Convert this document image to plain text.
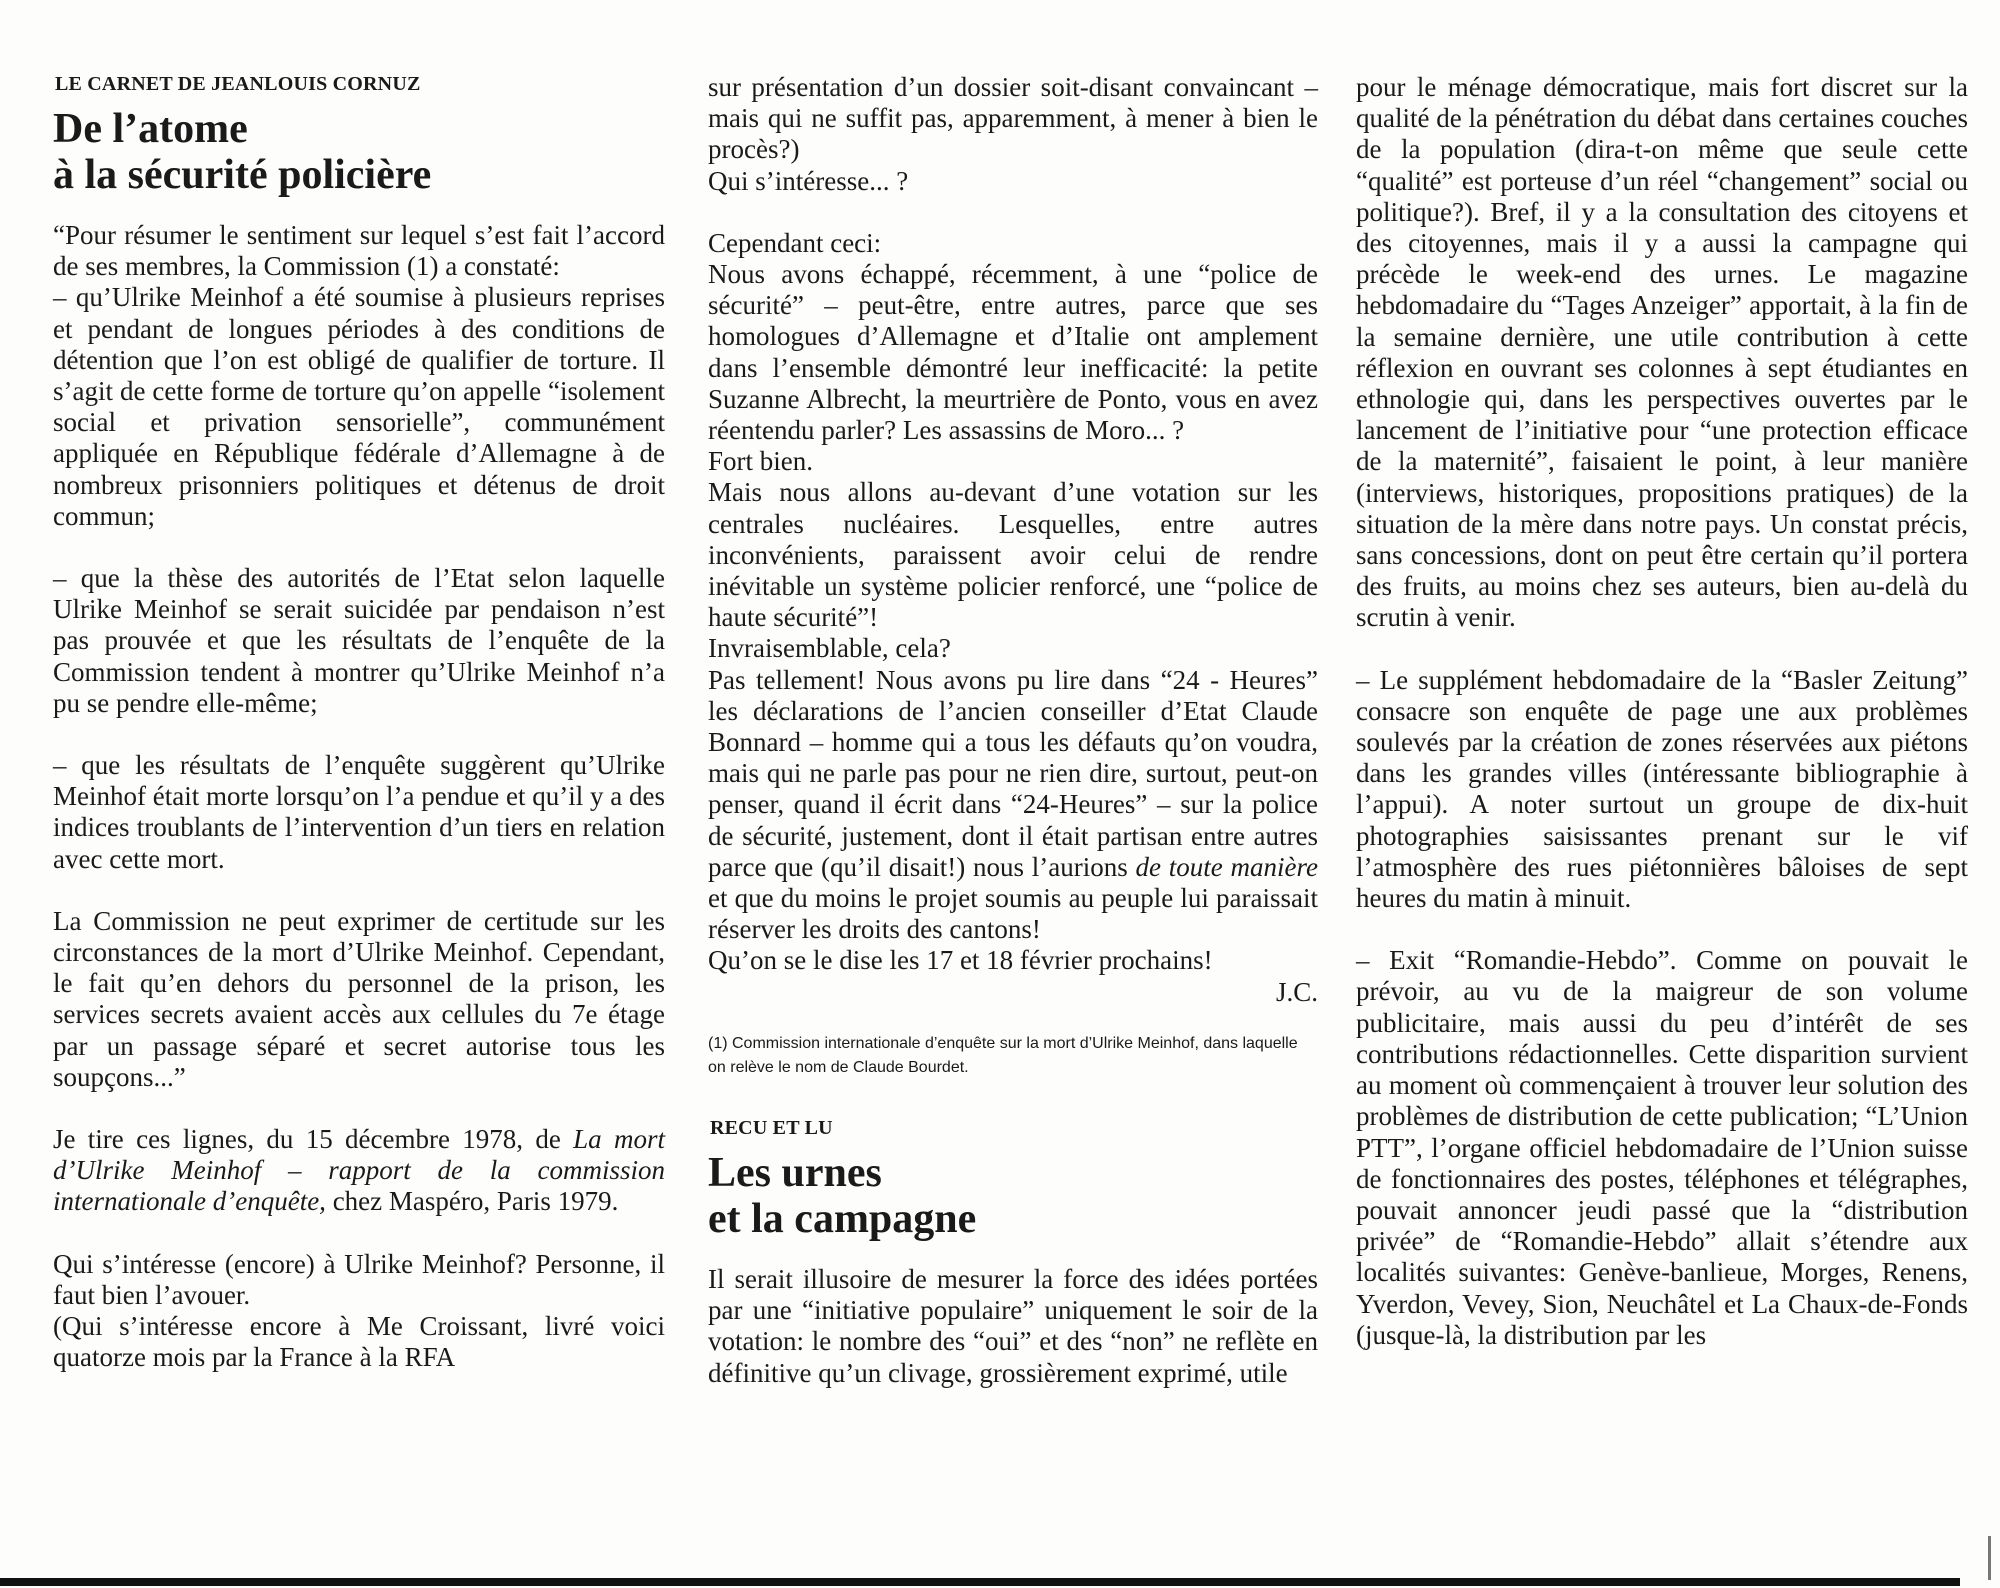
LE CARNET DE JEANLOUIS CORNUZ
De l’atome
à la sécurité policière

“Pour résumer le sentiment sur lequel s’est fait l’accord de ses membres, la Commission (1) a constaté:

– qu’Ulrike Meinhof a été soumise à plusieurs reprises et pendant de longues périodes à des conditions de détention que l’on est obligé de qualifier de torture. Il s’agit de cette forme de torture qu’on appelle “isolement social et privation sensorielle”, communément appliquée en République fédérale d’Allemagne à de nombreux prisonniers politiques et détenus de droit commun;

– que la thèse des autorités de l’Etat selon laquelle Ulrike Meinhof se serait suicidée par pendaison n’est pas prouvée et que les résultats de l’enquête de la Commission tendent à montrer qu’Ulrike Meinhof n’a pu se pendre elle-même;

– que les résultats de l’enquête suggèrent qu’Ulrike Meinhof était morte lorsqu’on l’a pendue et qu’il y a des indices troublants de l’intervention d’un tiers en relation avec cette mort.

La Commission ne peut exprimer de certitude sur les circonstances de la mort d’Ulrike Meinhof. Cependant, le fait qu’en dehors du personnel de la prison, les services secrets avaient accès aux cellules du 7e étage par un passage séparé et secret autorise tous les soupçons...”

Je tire ces lignes, du 15 décembre 1978, de La mort d’Ulrike Meinhof – rapport de la commission internationale d’enquête, chez Maspéro, Paris 1979.

Qui s’intéresse (encore) à Ulrike Meinhof? Personne, il faut bien l’avouer.

(Qui s’intéresse encore à Me Croissant, livré voici quatorze mois par la France à la RFA

sur présentation d’un dossier soit-disant convaincant – mais qui ne suffit pas, apparemment, à mener à bien le procès?)

Qui s’intéresse... ?

Cependant ceci:

Nous avons échappé, récemment, à une “police de sécurité” – peut-être, entre autres, parce que ses homologues d’Allemagne et d’Italie ont amplement dans l’ensemble démontré leur inefficacité: la petite Suzanne Albrecht, la meurtrière de Ponto, vous en avez réentendu parler? Les assassins de Moro... ?

Fort bien.

Mais nous allons au-devant d’une votation sur les centrales nucléaires. Lesquelles, entre autres inconvénients, paraissent avoir celui de rendre inévitable un système policier renforcé, une “police de haute sécurité”!

Invraisemblable, cela?

Pas tellement! Nous avons pu lire dans “24 - Heures” les déclarations de l’ancien conseiller d’Etat Claude Bonnard – homme qui a tous les défauts qu’on voudra, mais qui ne parle pas pour ne rien dire, surtout, peut-on penser, quand il écrit dans “24-Heures” – sur la police de sécurité, justement, dont il était partisan entre autres parce que (qu’il disait!) nous l’aurions de toute manière et que du moins le projet soumis au peuple lui paraissait réserver les droits des cantons!

Qu’on se le dise les 17 et 18 février prochains!

J.C.

(1) Commission internationale d’enquête sur la mort d’Ulrike Meinhof, dans laquelle on relève le nom de Claude Bourdet.

RECU ET LU
Les urnes
et la campagne

Il serait illusoire de mesurer la force des idées portées par une “initiative populaire” uniquement le soir de la votation: le nombre des “oui” et des “non” ne reflète en définitive qu’un clivage, grossièrement exprimé, utile

pour le ménage démocratique, mais fort discret sur la qualité de la pénétration du débat dans certaines couches de la population (dira-t-on même que seule cette “qualité” est porteuse d’un réel “changement” social ou politique?). Bref, il y a la consultation des citoyens et des citoyennes, mais il y a aussi la campagne qui précède le week-end des urnes. Le magazine hebdomadaire du “Tages Anzeiger” apportait, à la fin de la semaine dernière, une utile contribution à cette réflexion en ouvrant ses colonnes à sept étudiantes en ethnologie qui, dans les perspectives ouvertes par le lancement de l’initiative pour “une protection efficace de la maternité”, faisaient le point, à leur manière (interviews, historiques, propositions pratiques) de la situation de la mère dans notre pays. Un constat précis, sans concessions, dont on peut être certain qu’il portera des fruits, au moins chez ses auteurs, bien au-delà du scrutin à venir.

– Le supplément hebdomadaire de la “Basler Zeitung” consacre son enquête de page une aux problèmes soulevés par la création de zones réservées aux piétons dans les grandes villes (intéressante bibliographie à l’appui). A noter surtout un groupe de dix-huit photographies saisissantes prenant sur le vif l’atmosphère des rues piétonnières bâloises de sept heures du matin à minuit.

– Exit “Romandie-Hebdo”. Comme on pouvait le prévoir, au vu de la maigreur de son volume publicitaire, mais aussi du peu d’intérêt de ses contributions rédactionnelles. Cette disparition survient au moment où commençaient à trouver leur solution des problèmes de distribution de cette publication; “L’Union PTT”, l’organe officiel hebdomadaire de l’Union suisse de fonctionnaires des postes, téléphones et télégraphes, pouvait annoncer jeudi passé que la “distribution privée” de “Romandie-Hebdo” allait s’étendre aux localités suivantes: Genève-banlieue, Morges, Renens, Yverdon, Vevey, Sion, Neuchâtel et La Chaux-de-Fonds (jusque-là, la distribution par les
